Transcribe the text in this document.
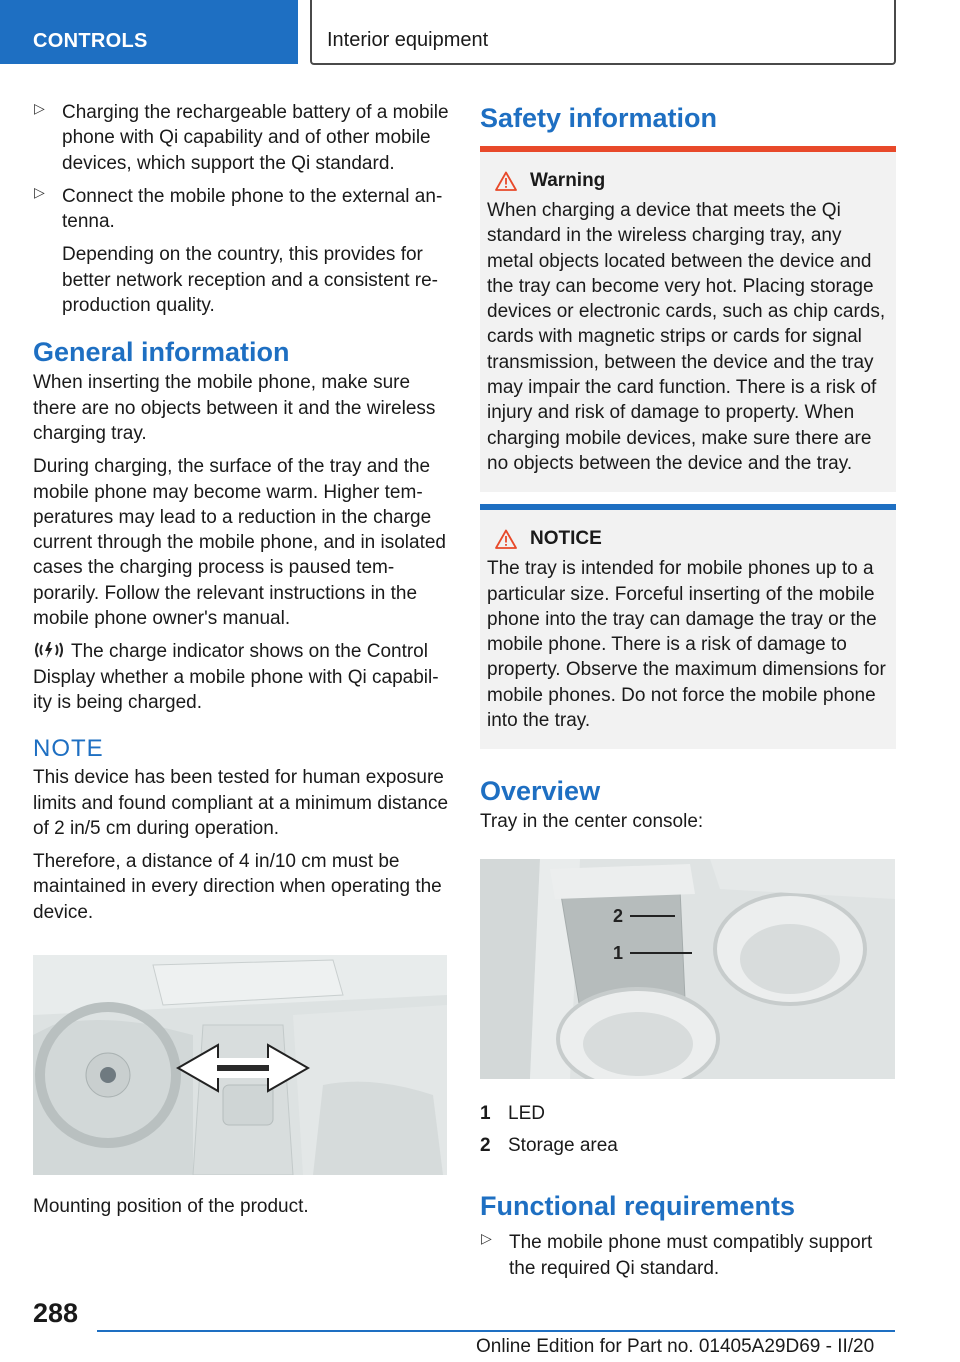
CONTROLS	Interior equipment
▷ Charging the rechargeable battery of a mobile phone with Qi capability and of other mobile devices, which support the Qi standard.

▷ Connect the mobile phone to the external antenna.

Depending on the country, this provides for better network reception and a consistent reproduction quality.

General information

When inserting the mobile phone, make sure there are no objects between it and the wireless charging tray.

During charging, the surface of the tray and the mobile phone may become warm. Higher temperatures may lead to a reduction in the charge current through the mobile phone, and in isolated cases the charging process is paused temporarily. Follow the relevant instructions in the mobile phone owner's manual.

The charge indicator shows on the Control Display whether a mobile phone with Qi capability is being charged.

NOTE

This device has been tested for human exposure limits and found compliant at a minimum distance of 2 in/5 cm during operation.

Therefore, a distance of 4 in/10 cm must be maintained in every direction when operating the device.

Mounting position of the product.

Safety information
Warning

When charging a device that meets the Qi standard in the wireless charging tray, any metal objects located between the device and the tray can become very hot. Placing storage devices or electronic cards, such as chip cards, cards with magnetic strips or cards for signal transmission, between the device and the tray may impair the card function. There is a risk of injury and risk of damage to property. When charging mobile devices, make sure there are no objects between the device and the tray.

NOTICE

The tray is intended for mobile phones up to a particular size. Forceful inserting of the mobile phone into the tray can damage the tray or the mobile phone. There is a risk of damage to property. Observe the maximum dimensions for mobile phones. Do not force the mobile phone into the tray.

Overview

Tray in the center console:

2
1
1 LED
2 Storage area
Functional requirements
▷ The mobile phone must compatibly support the required Qi standard.

288
Online Edition for Part no. 01405A29D69 - II/20
